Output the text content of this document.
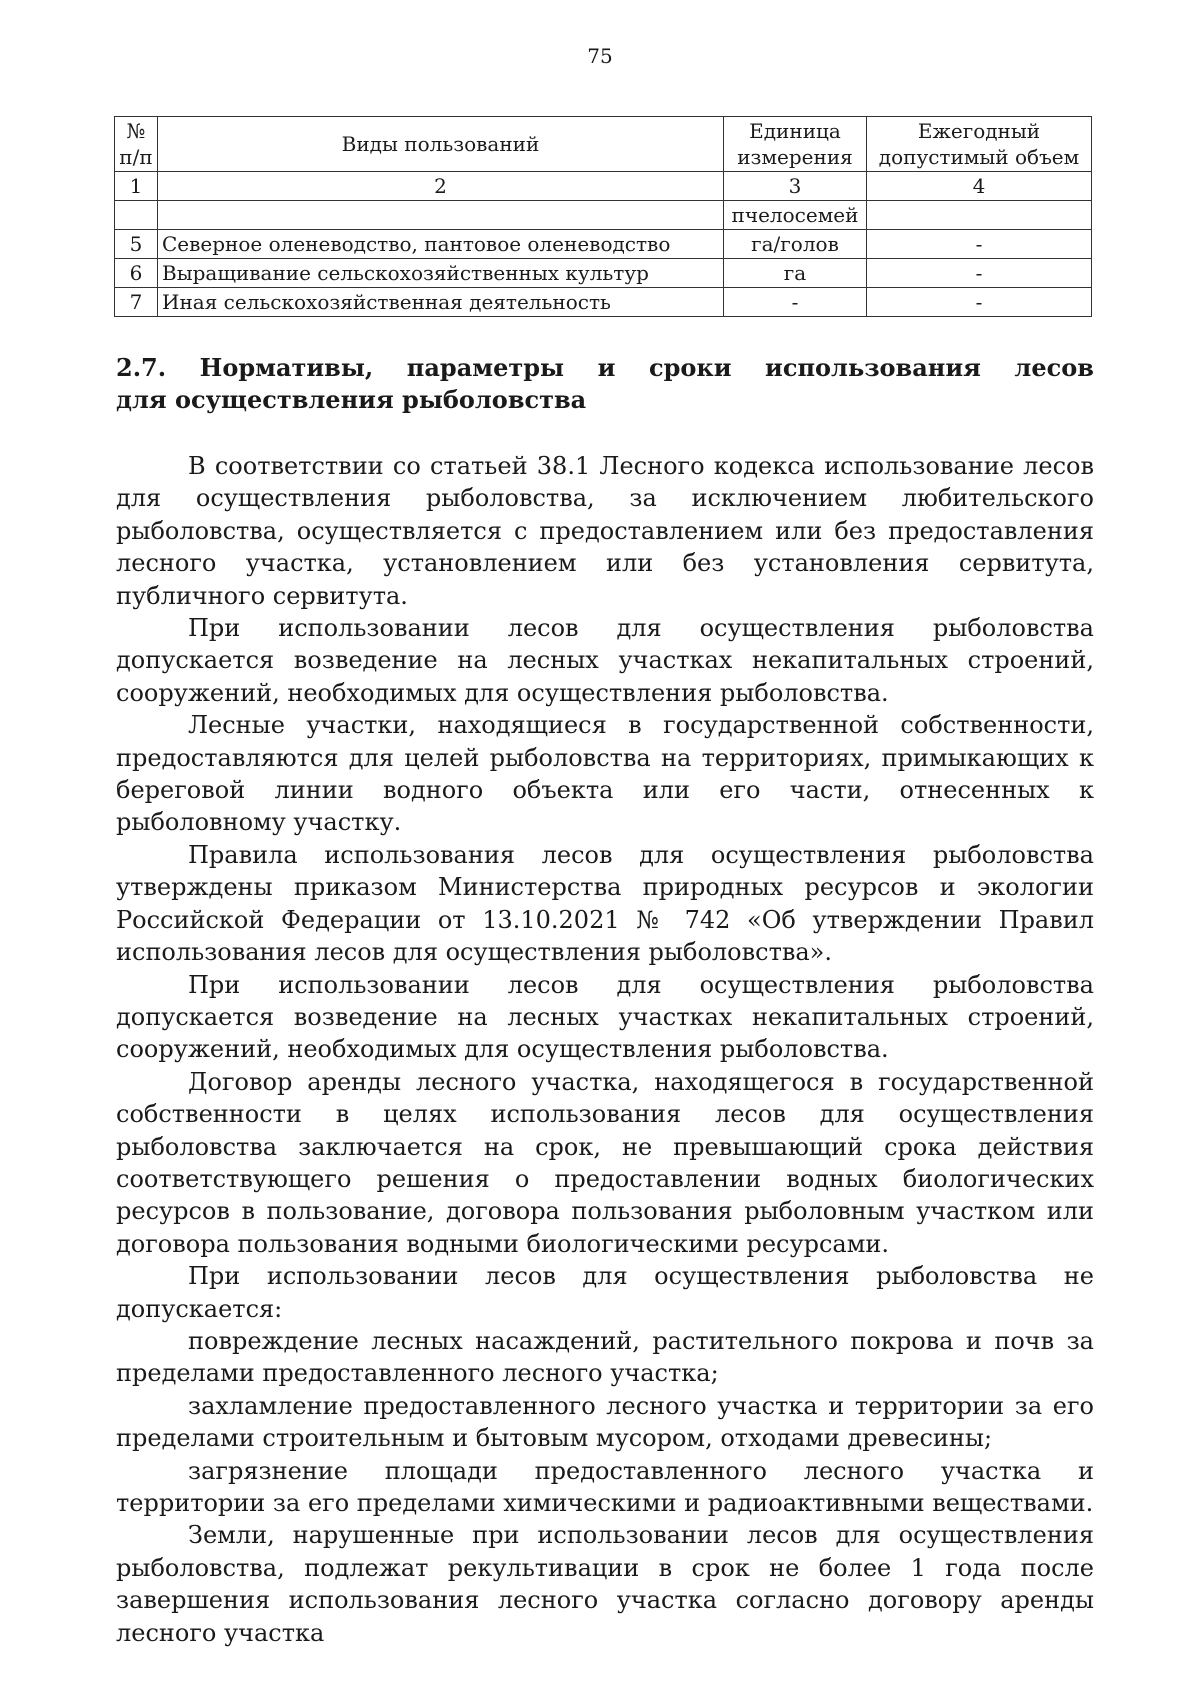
75
№ п/п	Виды пользований	Единица измерения	Ежегодный допустимый объем
1	2	3	4
		пчелосемей	
5	Северное оленеводство, пантовое оленеводство	га/голов	-
6	Выращивание сельскохозяйственных культур	га	-
7	Иная сельскохозяйственная деятельность	-	-
2.7. Нормативы, параметры и сроки использования лесов
для осуществления рыболовства

В соответствии со статьей 38.1 Лесного кодекса использование лесов для осуществления рыболовства, за исключением любительского рыболовства, осуществляется с предоставлением или без предоставления лесного участка, установлением или без установления сервитута, публичного сервитута.

При использовании лесов для осуществления рыболовства допускается возведение на лесных участках некапитальных строений, сооружений, необходимых для осуществления рыболовства.

Лесные участки, находящиеся в государственной собственности, предоставляются для целей рыболовства на территориях, примыкающих к береговой линии водного объекта или его части, отнесенных к рыболовному участку.

Правила использования лесов для осуществления рыболовства утверждены приказом Министерства природных ресурсов и экологии Российской Федерации от 13.10.2021 № 742 «Об утверждении Правил использования лесов для осуществления рыболовства».

При использовании лесов для осуществления рыболовства допускается возведение на лесных участках некапитальных строений, сооружений, необходимых для осуществления рыболовства.

Договор аренды лесного участка, находящегося в государственной собственности в целях использования лесов для осуществления рыболовства заключается на срок, не превышающий срока действия соответствующего решения о предоставлении водных биологических ресурсов в пользование, договора пользования рыболовным участком или договора пользования водными биологическими ресурсами.

При использовании лесов для осуществления рыболовства не допускается:

повреждение лесных насаждений, растительного покрова и почв за пределами предоставленного лесного участка;

захламление предоставленного лесного участка и территории за его пределами строительным и бытовым мусором, отходами древесины;

загрязнение площади предоставленного лесного участка и территории за его пределами химическими и радиоактивными веществами.

Земли, нарушенные при использовании лесов для осуществления рыболовства, подлежат рекультивации в срок не более 1 года после завершения использования лесного участка согласно договору аренды лесного участка
